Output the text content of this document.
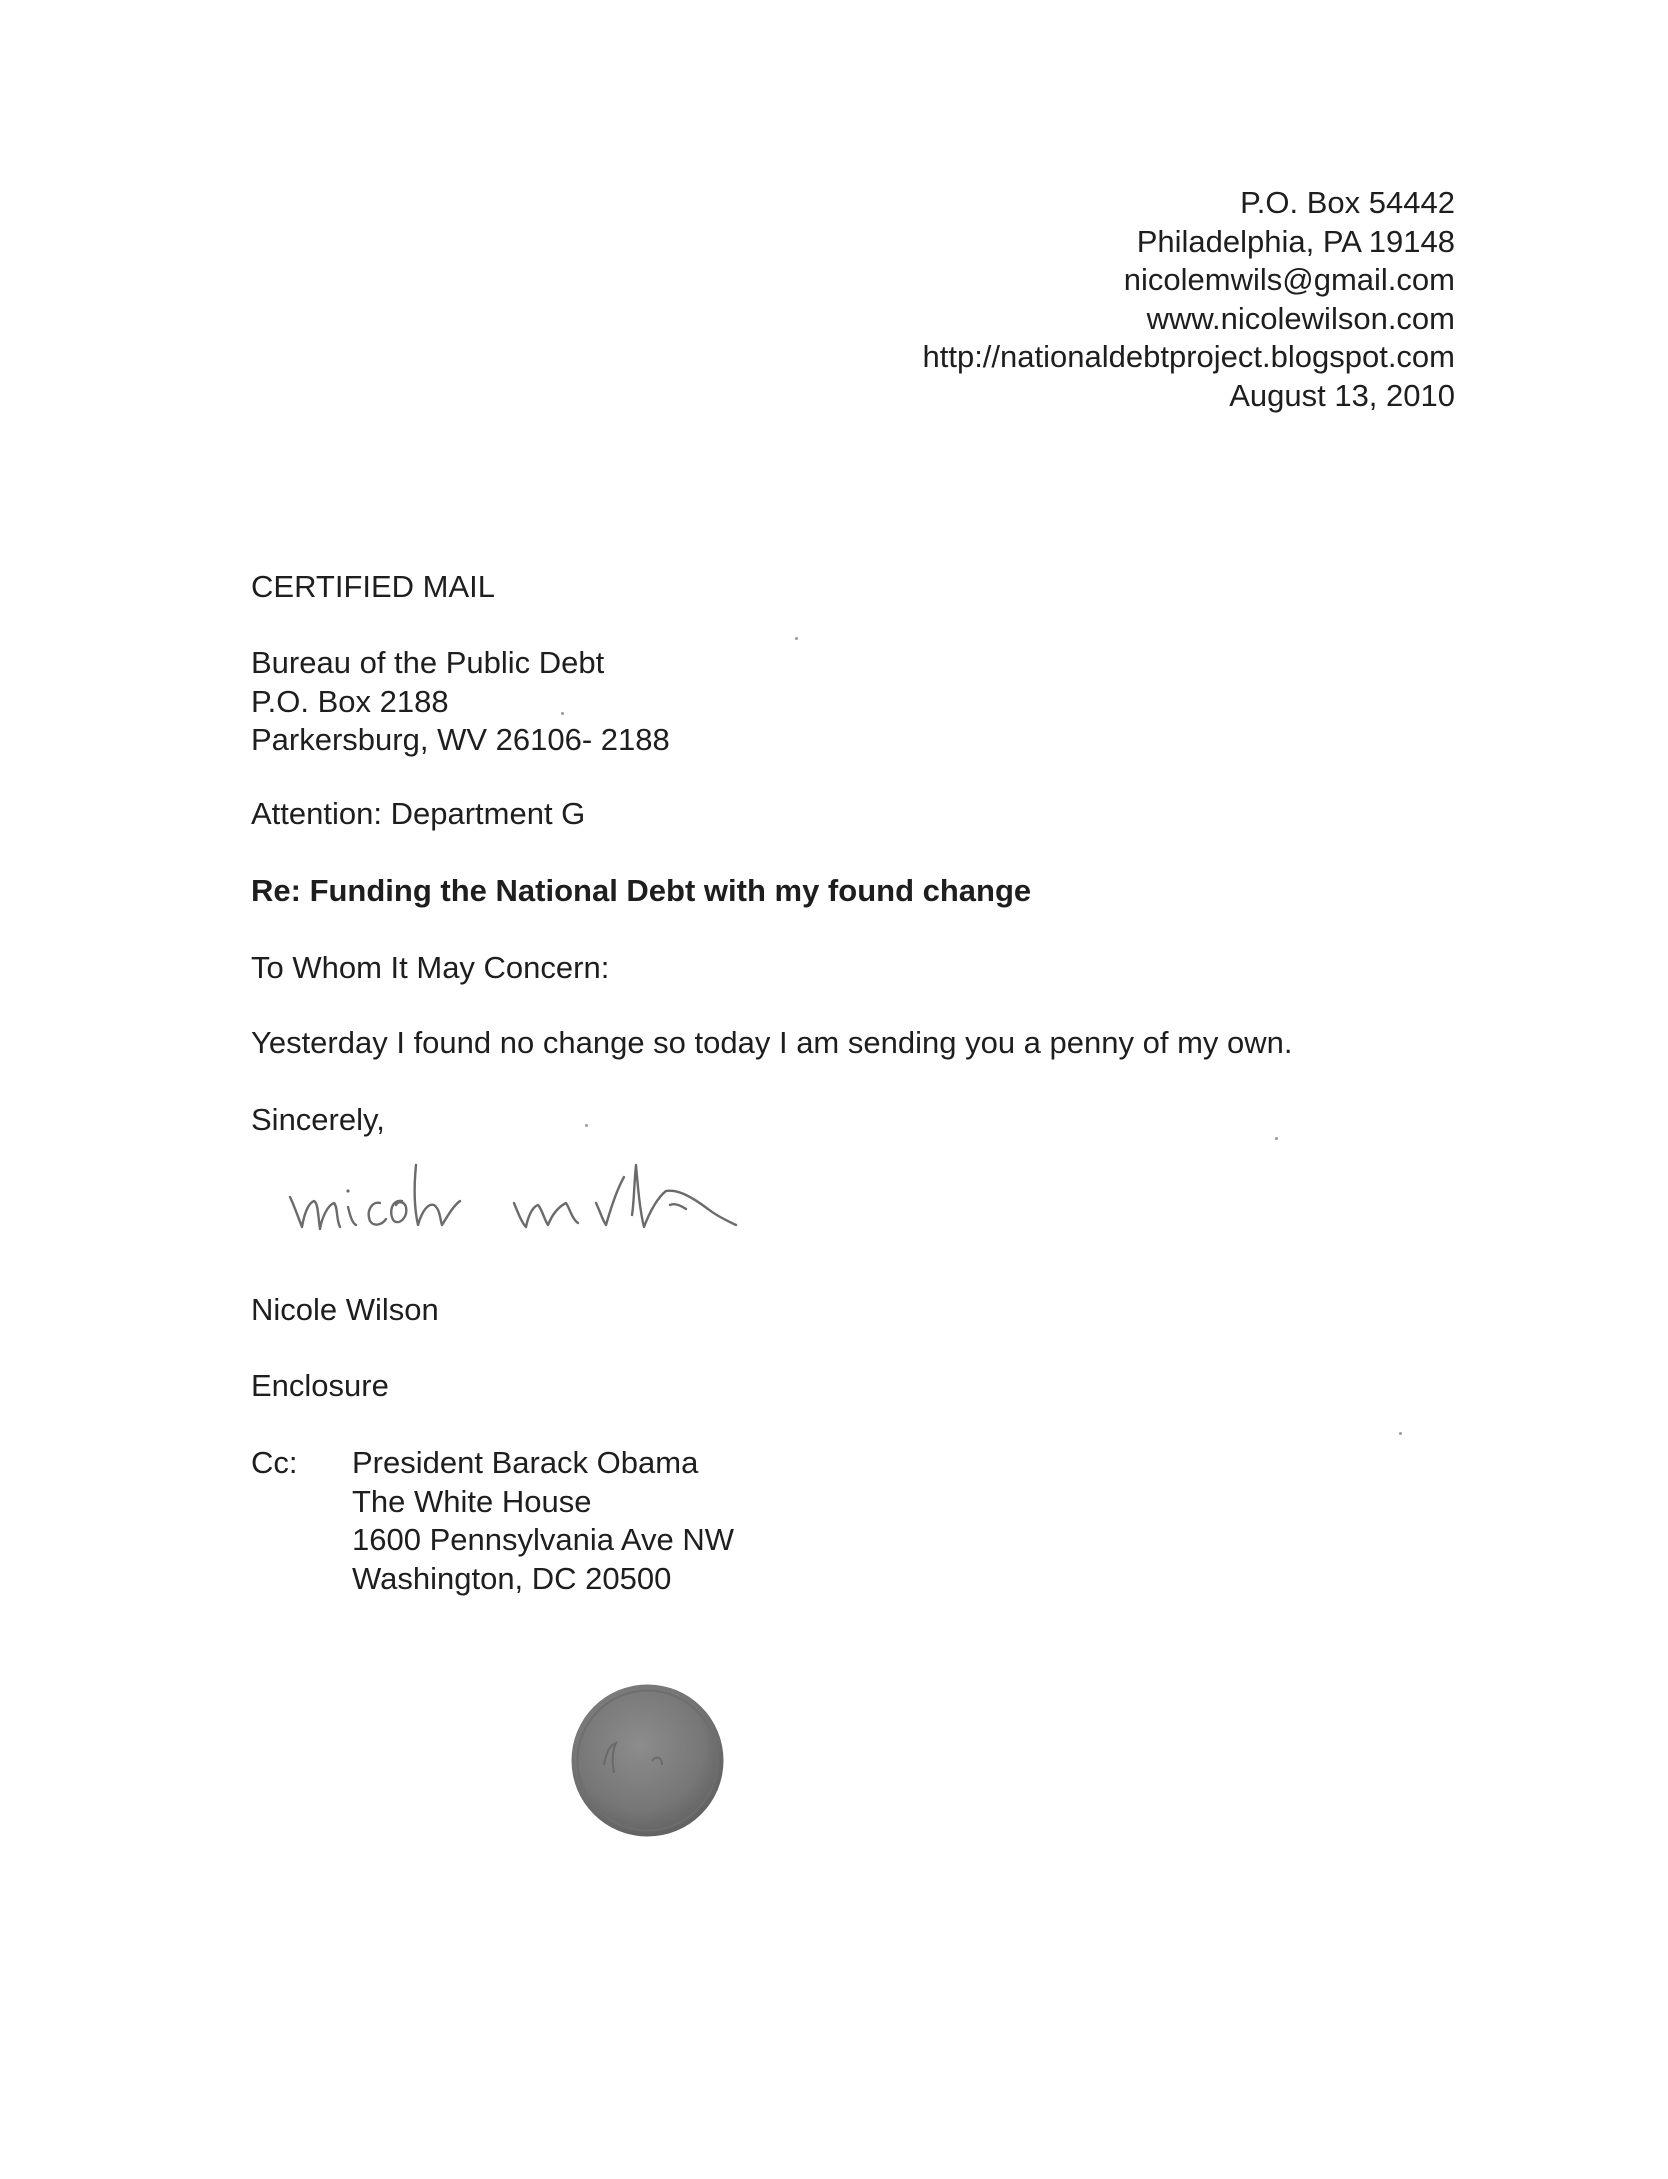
P.O. Box 54442
Philadelphia, PA 19148
nicolemwils@gmail.com
www.nicolewilson.com
http://nationaldebtproject.blogspot.com
August 13, 2010
CERTIFIED MAIL
Bureau of the Public Debt
P.O. Box 2188
Parkersburg, WV 26106- 2188
Attention: Department G
Re: Funding the National Debt with my found change
To Whom It May Concern:
Yesterday I found no change so today I am sending you a penny of my own.
Sincerely,
Nicole Wilson
Enclosure
Cc: President Barack Obama
The White House
1600 Pennsylvania Ave NW
Washington, DC 20500
